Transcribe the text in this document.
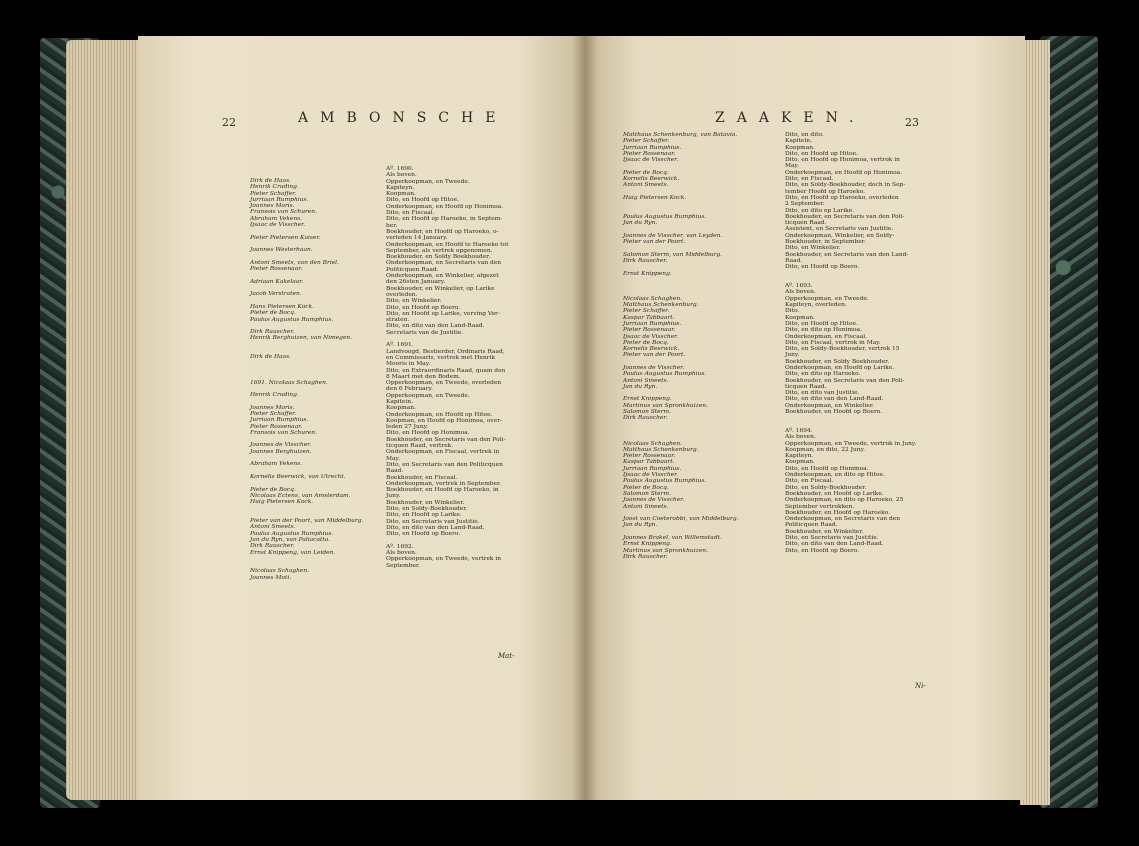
22	AMBONSCHE
Dirk de Haas.
Henrik Cruding.
Pieter Schaffer.
Jurriaan Rumphius.
Joannes Moris.
Fransois van Schuren.
Abraham Vekens.
Ijsaac de Visscher.

Pieter Pietersen Kaiser.

Joannes Westerhaan.

Antoni Smeets, van den Briel.
Pieter Rossenaar.

Adriaan Kakelaar.

Jacob Verstraten.

Hans Pietersen Kock.
Pieter de Bocq.
Paulus Augustus Rumphius.

Dirk Rauscher.
Henrik Berghuizen, van Nimegen.

Dirk de Haas.

1691. Nicolaas Schaghen.

Henrik Cruding.

Joannes Moris.
Pieter Schaffer.
Jurriaan Rumphius.
Pieter Rossenaar.
Fransois van Schuren.

Joannes de Visscher.
Joannes Berghuizen.

Abraham Vekens.

Kornelis Beerwick, van Utrecht.

Pieter de Bocq.
Nicolaas Ectens, van Amsterdam.
Huig Pietersen Kock.

Pieter van der Poort, van Middelburg.
Antoni Smeets.
Paulus Augustus Rumphius.
Jan du Ryn, van Paliacatta.
Dirk Rauscher.
Ernst Knippeng, van Leiden.

Nicolaas Schaghen.
Joannes Moti.
Aº. 1690.
Als boven.
Opperkoopman, en Tweede.
Kapiteyn.
Koopman.
Dito, en Hoofd op Hitoe.
Onderkoopman, en Hoofd op Honimoa.
Dito, en Fiscaal.
Dito, en Hoofd op Haroeko, in Septem-
ber.
Boekhouder, en Hoofd op Haroeko, o-
verleden 14 January.
Onderkoopman, en Hoofd te Haroeko tot
September, als vertrek opgenomen.
Boekhouder, en Soldy Boekhouder.
Onderkoopman, en Secretaris van den
Politicquen Raad.
Onderkoopman, en Winkelier, afgezet
den 26sten January.
Boekhouder, en Winkelier, op Larike
overleden.
Dito, en Winkelier.
Dito, en Hoofd op Boero.
Dito, en Hoofd op Larike, verving Ver-
straten.
Dito, en dito van den Land-Raad.
Secretaris van de Justitie.

Aº. 1691.
Landvoogd, Bestierder, Ordinaris Raad,
en Commissaris, vertrek met Henrik
Mooris in May.
Dito, en Extraordinaris Raad, quam den
8 Maart met den Bodem.
Opperkoopman, en Tweede, overleden
den 6 February.
Opperkoopman, en Tweede.
Kapitein.
Koopman.
Onderkoopman, en Hoofd op Hitoe.
Koopman, en Hoofd op Honimoa, over-
leden 27 Juny.
Dito, en Hoofd op Honimoa.
Boekhouder, en Secretaris van den Poli-
ticquen Raad, vertrek.
Onderkoopman, en Fiscaal, vertrek in
May.
Dito, en Secretaris van den Politicquen
Raad.
Boekhouder, en Fiscaal.
Onderkoopman, vertrek in September.
Boekhouder, en Hoofd op Haroeko, in
Juny.
Boekhouder, en Winkelier.
Dito, en Soldy-Boekhouder.
Dito, en Hoofd op Larike.
Dito, en Secretaris van Justitie.
Dito, en dito van den Land-Raad.
Dito, en Hoofd op Boero.

Aº. 1692.
Als boven.
Opperkoopman, en Tweede, vertrek in
September.
Mat-
ZAAKEN.	23
Matthaus Schenkenburg, van Batavia.
Pieter Schaffer.
Jurriaan Rumphius.
Pieter Rossenaar.
Ijsaac de Visscher.

Pieter de Bocq.
Kornelis Beerwick.
Antoni Smeets.

Huig Pietersen Kock.

Paulus Augustus Rumphius.
Jan du Ryn.

Joannes de Visscher, van Leyden.
Pieter van der Poort.

Salomon Sterm, van Middelburg.
Dirk Rauscher.

Ernst Knippeng.

Nicolaas Schaghen.
Matthaus Schenkenburg.
Pieter Schaffer.
Kaspar Tabbaart.
Jurriaan Rumphius.
Pieter Rossenaar.
Ijsaac de Visscher.
Pieter de Bocq.
Kornelis Beerwick.
Pieter van der Poort.

Joannes de Visscher.
Paulus Augustus Rumphius.
Antoni Smeets.
Jan du Ryn.

Ernst Knippeng.
Martinus van Spronkhuizen.
Salomon Sterm.
Dirk Rauscher.

Nicolaas Schaghen.
Matthaus Schenkenburg.
Pieter Rossenaar.
Kaspar Tabbaart.
Jurriaan Rumphius.
Ijsaac de Visscher.
Paulus Augustus Rumphius.
Pieter de Bocq.
Salomon Sterm.
Joannes de Visscher.
Antoni Smeets.

Joost van Coeterobbi, van Middelburg.
Jan du Ryn.

Joannes Brakel, van Willemstadt.
Ernst Knippeng.
Martinus van Spronkhuizen.
Dirk Rauscher.
Dito, en dito.
Kapitein.
Koopman.
Dito, en Hoofd op Hitoe.
Dito, en Hoofd op Honimoa, vertrok in
May.
Onderkoopman, en Hoofd op Honimoa.
Dito, en Fiscaal.
Dito, en Soldy-Boekhouder, doch in Sep-
tember Hoofd op Haroeko.
Dito, en Hoofd op Haroeko, overleden
2 September.
Dito, en dito op Larike.
Boekhouder, en Secretaris van den Poli-
ticquen Raad.
Assistent, en Secretaris van Justitie.
Onderkoopman, Winkelier, en Soldy-
Boekhouder, in September.
Dito, en Winkelier.
Boekhouder, en Secretaris van den Land-
Raad.
Dito, en Hoofd op Boero.

Aº. 1693.
Als boven.
Opperkoopman, en Tweede.
Kapiteyn, overleden.
Dito.
Koopman.
Dito, en Hoofd op Hitoe.
Dito, en dito op Honimoa.
Onderkoopman, en Fiscaal.
Dito, en Fiscaal, vertrok in May.
Dito, en Soldy-Boekhouder, vertrok 15
Juny.
Boekhouder, en Soldy Boekhouder.
Onderkoopman, en Hoofd op Larike.
Dito, en dito op Haroeko.
Boekhouder, en Secretaris van den Poli-
ticquen Raad.
Dito, en dito van Justitie.
Dito, en dito van den Land-Raad.
Onderkoopman, en Winkelier.
Boekhouder, en Hoofd op Boero.

Aº. 1694.
Als boven.
Opperkoopman, en Tweede, vertrok in Juny.
Koopman, en dito, 22 Juny.
Kapiteyn.
Koopman.
Dito, en Hoofd op Honimoa.
Onderkoopman, en dito op Hitoe.
Dito, en Fiscaal.
Dito, en Soldy-Boekhouder.
Boekhouder, en Hoofd op Larike.
Onderkoopman, en dito op Haroeko, 25
September vertrokken.
Boekhouder, en Hoofd op Haroeko.
Onderkoopman, en Secretaris van den
Politicquen Raad.
Boekhouder, en Winkelier.
Dito, en Secretaris van Justitie.
Dito, en dito van den Land-Raad.
Dito, en Hoofd op Boero.
Ni-
